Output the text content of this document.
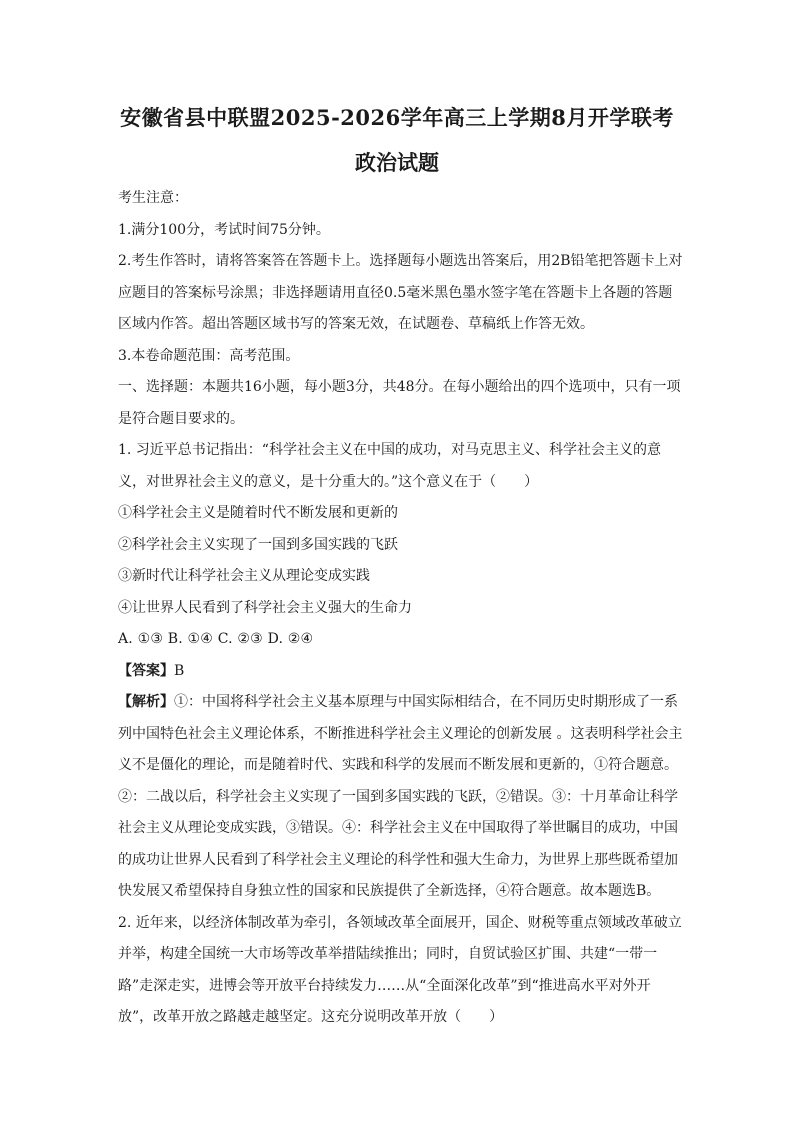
安徽省县中联盟2025-2026学年高三上学期8月开学联考
政治试题

考生注意：

1.满分100分，考试时间75分钟。

2.考生作答时，请将答案答在答题卡上。选择题每小题选出答案后，用2B铅笔把答题卡上对应题目的答案标号涂黑；非选择题请用直径0.5毫米黑色墨水签字笔在答题卡上各题的答题区域内作答。超出答题区域书写的答案无效，在试题卷、草稿纸上作答无效。

3.本卷命题范围：高考范围。

一、选择题：本题共16小题，每小题3分，共48分。在每小题给出的四个选项中，只有一项是符合题目要求的。

1. 习近平总书记指出：“科学社会主义在中国的成功，对马克思主义、科学社会主义的意义，对世界社会主义的意义，是十分重大的。”这个意义在于（　　）

①科学社会主义是随着时代不断发展和更新的

②科学社会主义实现了一国到多国实践的飞跃

③新时代让科学社会主义从理论变成实践

④让世界人民看到了科学社会主义强大的生命力

A. ①③ B. ①④ C. ②③ D. ②④

【答案】B

【解析】①：中国将科学社会主义基本原理与中国实际相结合，在不同历史时期形成了一系列中国特色社会主义理论体系，不断推进科学社会主义理论的创新发展 。这表明科学社会主义不是僵化的理论，而是随着时代、实践和科学的发展而不断发展和更新的，①符合题意。②：二战以后，科学社会主义实现了一国到多国实践的飞跃，②错误。③：十月革命让科学社会主义从理论变成实践，③错误。④：科学社会主义在中国取得了举世瞩目的成功，中国的成功让世界人民看到了科学社会主义理论的科学性和强大生命力，为世界上那些既希望加快发展又希望保持自身独立性的国家和民族提供了全新选择，④符合题意。故本题选B。

2. 近年来，以经济体制改革为牵引，各领域改革全面展开，国企、财税等重点领域改革破立并举，构建全国统一大市场等改革举措陆续推出；同时，自贸试验区扩围、共建“一带一路”走深走实，进博会等开放平台持续发力……从“全面深化改革”到“推进高水平对外开放”，改革开放之路越走越坚定。这充分说明改革开放（　　）
